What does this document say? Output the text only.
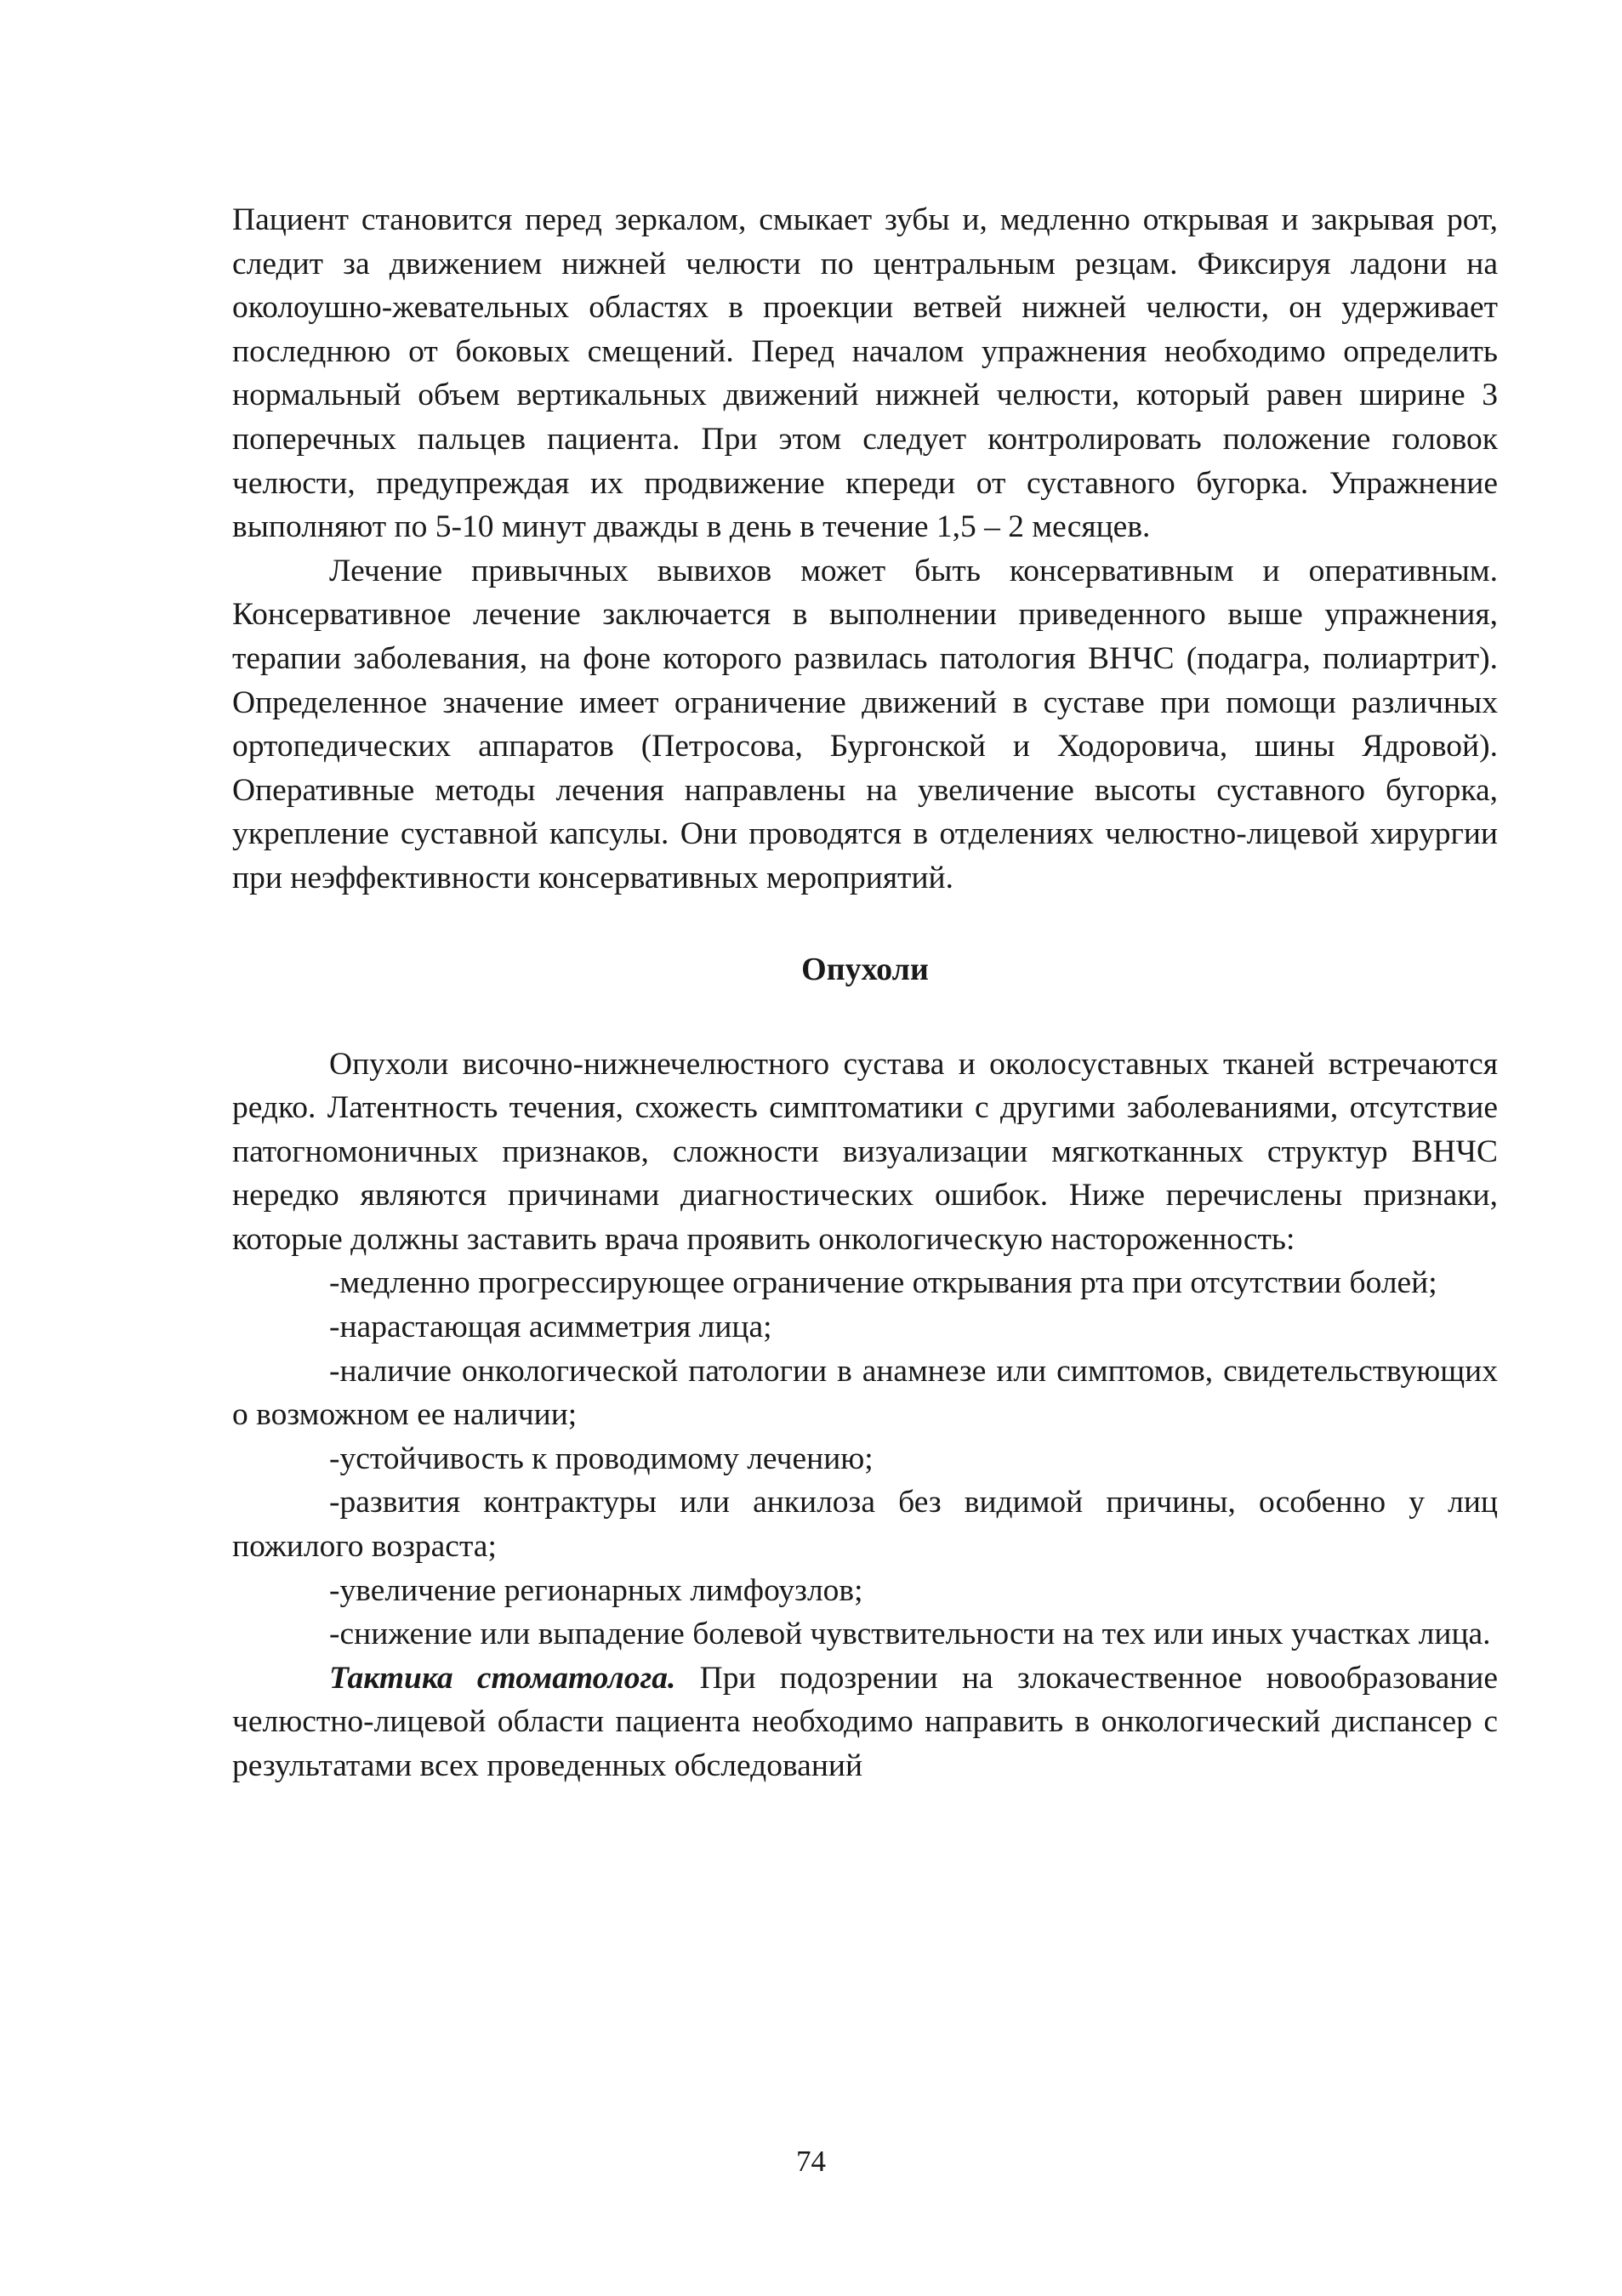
Пациент становится перед зеркалом, смыкает зубы и, медленно открывая и закрывая рот, следит за движением нижней челюсти по центральным резцам. Фиксируя ладони на околоушно-жевательных областях в проекции ветвей нижней челюсти, он удерживает последнюю от боковых смещений. Перед началом упражнения необходимо определить нормальный объем вертикальных движений нижней челюсти, который равен ширине 3 поперечных пальцев пациента. При этом следует контролировать положение головок челюсти, предупреждая их продвижение кпереди от суставного бугорка. Упражнение выполняют по 5-10 минут дважды в день в течение 1,5 – 2 месяцев.

Лечение привычных вывихов может быть консервативным и оперативным. Консервативное лечение заключается в выполнении приведенного выше упражнения, терапии заболевания, на фоне которого развилась патология ВНЧС (подагра, полиартрит). Определенное значение имеет ограничение движений в суставе при помощи различных ортопедических аппаратов (Петросова, Бургонской и Ходоровича, шины Ядровой). Оперативные методы лечения направлены на увеличение высоты суставного бугорка, укрепление суставной капсулы. Они проводятся в отделениях челюстно-лицевой хирургии при неэффективности консервативных мероприятий.

Опухоли

Опухоли височно-нижнечелюстного сустава и околосуставных тканей встречаются редко. Латентность течения, схожесть симптоматики с другими заболеваниями, отсутствие патогномоничных признаков, сложности визуализации мягкотканных структур ВНЧС нередко являются причинами диагностических ошибок. Ниже перечислены признаки, которые должны заставить врача проявить онкологическую настороженность:

-медленно прогрессирующее ограничение открывания рта при отсутствии болей;

-нарастающая асимметрия лица;

-наличие онкологической патологии в анамнезе или симптомов, свидетельствующих о возможном ее наличии;

-устойчивость к проводимому лечению;

-развития контрактуры или анкилоза без видимой причины, особенно у лиц пожилого возраста;

-увеличение регионарных лимфоузлов;

-снижение или выпадение болевой чувствительности на тех или иных участках лица.

Тактика стоматолога. При подозрении на злокачественное новообразование челюстно-лицевой области пациента необходимо направить в онкологический диспансер с результатами всех проведенных обследований

74
